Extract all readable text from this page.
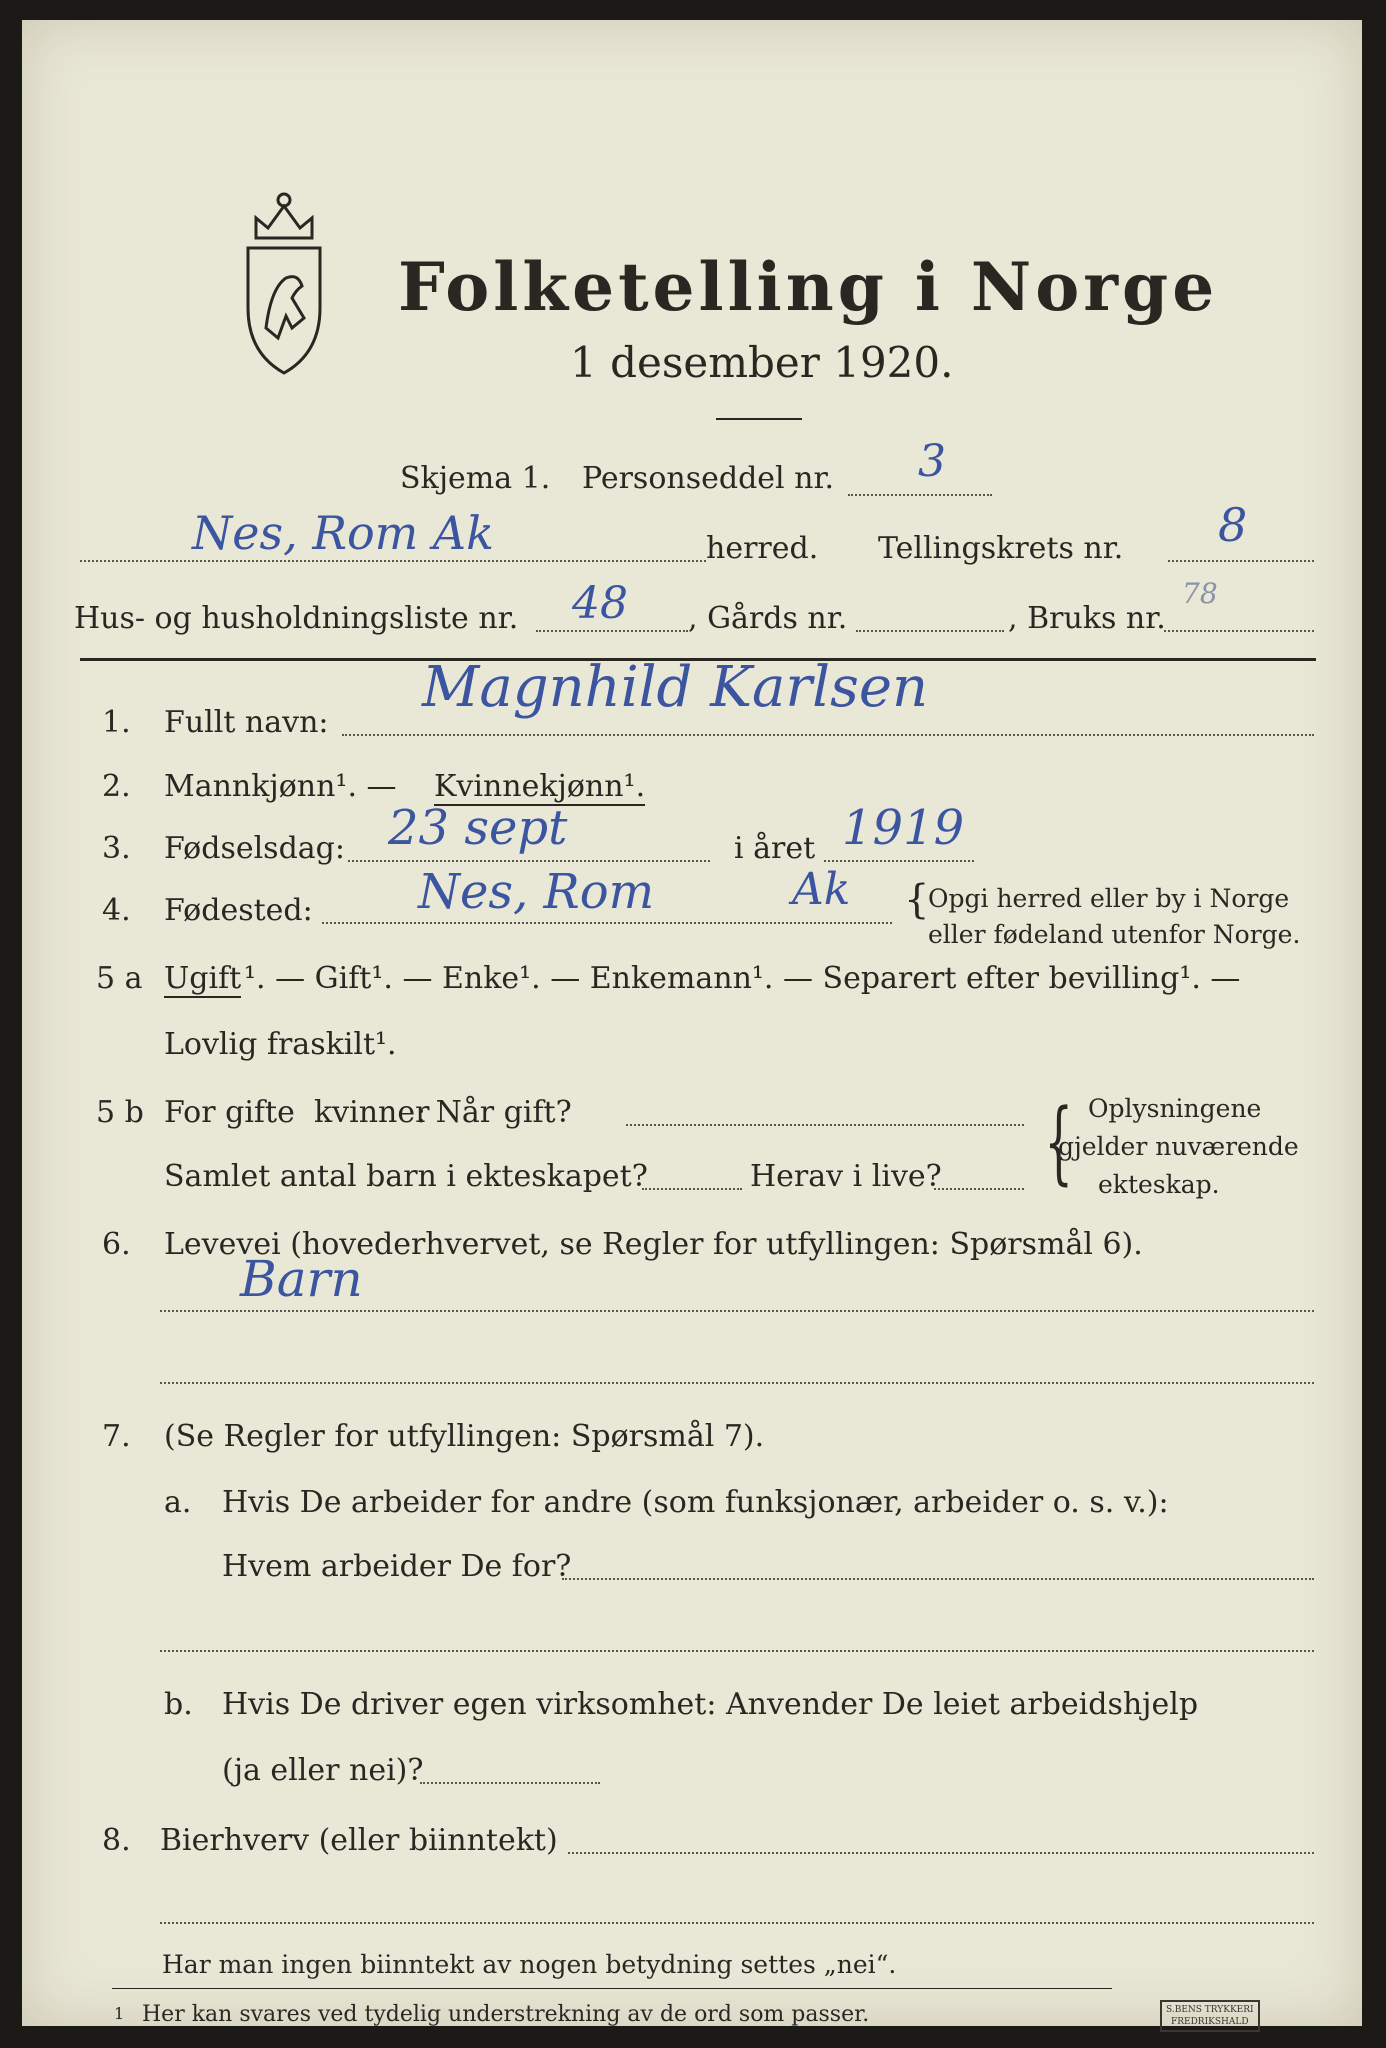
Folketelling i Norge
1 desember 1920.
Skjema 1. Personseddel nr. 3
Nes, Rom Ak	herred. Tellingskrets nr. 8
Hus- og husholdningsliste nr. 48 , Gårds nr.	, Bruks nr.
78
1. Fullt navn:
Magnhild Karlsen
2. Mannkjønn¹. — Kvinnekjønn¹.
3. Fødselsdag: 23 sept	i året 1919
4. Fødested: Nes, Rom	Ak {
Opgi herred eller by i Norge
eller fødeland utenfor Norge.
5 a Ugift ¹. — Gift¹. — Enke¹. — Enkemann¹. — Separert efter bevilling¹. —
Lovlig fraskilt¹.
5 b For gifte kvinner
: Når gift?
Samlet antal barn i ekteskapet?	Herav i live? { Oplysningene
gjelder nuværende
ekteskap.
6. Levevei (hovederhvervet, se Regler for utfyllingen: Spørsmål 6).
Barn
7. (Se Regler for utfyllingen: Spørsmål 7).
a. Hvis De arbeider for andre (som funksjonær, arbeider o. s. v.):
Hvem arbeider De for?
b. Hvis De driver egen virksomhet: Anvender De leiet arbeidshjelp
(ja eller nei)?
8. Bierhverv (eller biinntekt)
Har man ingen biinntekt av nogen betydning settes „nei“.
1 Her kan svares ved tydelig understrekning av de ord som passer.	S.BENS TRYKKERI
FREDRIKSHALD
